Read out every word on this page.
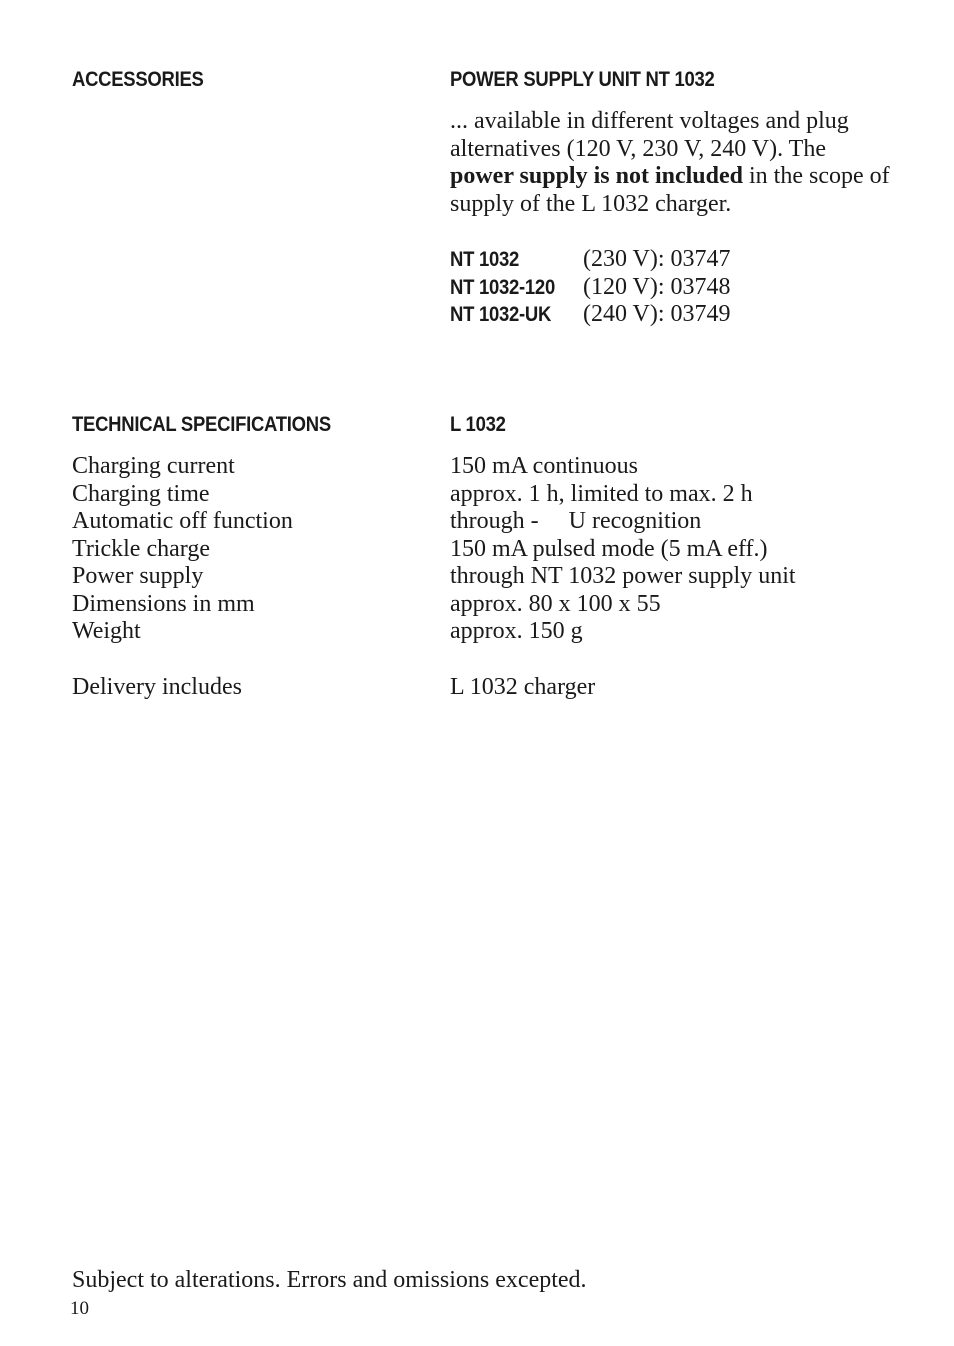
ACCESSORIES	POWER SUPPLY UNIT NT 1032

... available in different voltages and plug alternatives (120 V, 230 V, 240 V). The power supply is not included in the scope of supply of the L 1032 charger.

NT 1032	(230 V): 03747
NT 1032-120	(120 V): 03748
NT 1032-UK	(240 V): 03749
TECHNICAL SPECIFICATIONS	L 1032
Charging current	150 mA continuous
Charging time	approx. 1 h, limited to max. 2 h
Automatic off function	through -     U recognition
Trickle charge	150 mA pulsed mode (5 mA eff.)
Power supply	through NT 1032 power supply unit
Dimensions in mm	approx. 80 x 100 x 55
Weight	approx. 150 g
Delivery includes	L 1032 charger

Subject to alterations. Errors and omissions excepted.

10
